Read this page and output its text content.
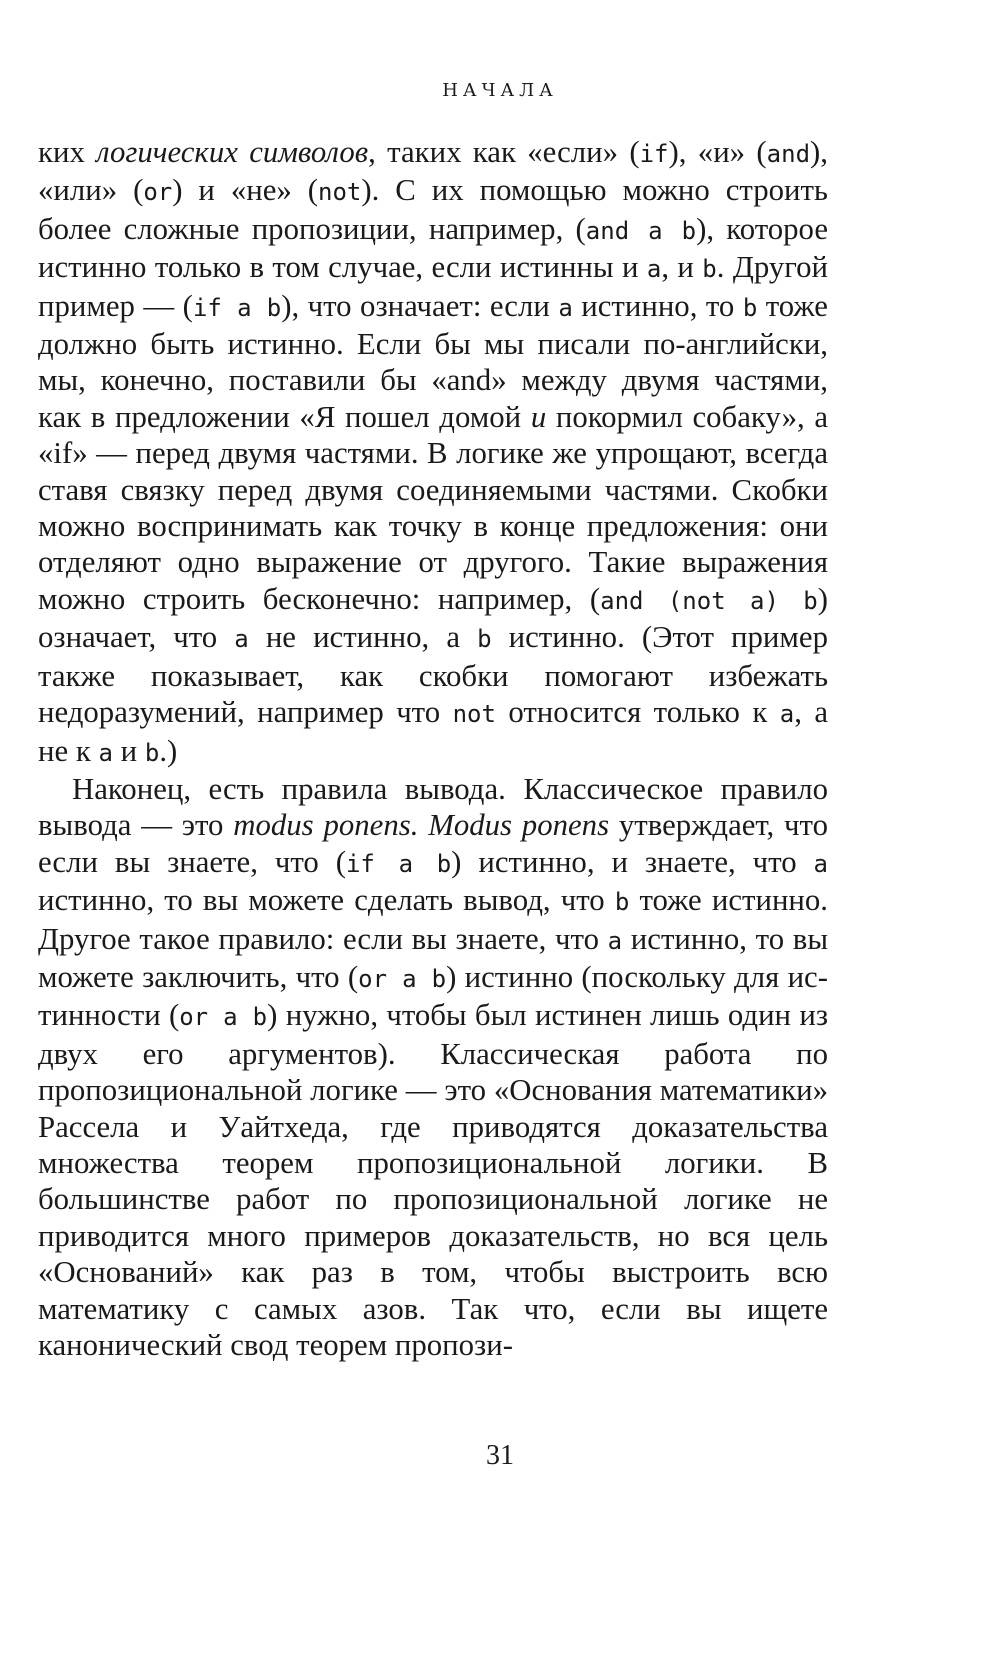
НАЧАЛА

ких логических символов, таких как «если» (if), «и» (and), «или» (or) и «не» (not). С их помощью можно строить более сложные пропозиции, например, (and a b), которое истинно только в том случае, если истинны и a, и b. Другой пример — (if a b), что означает: если a истинно, то b тоже должно быть истинно. Если бы мы писали по-английски, мы, конечно, поставили бы «and» между двумя частями, как в предложении «Я пошел домой и покормил собаку», а «if» — перед двумя частями. В логике же упрощают, всегда ставя связку перед двумя соединяемыми частями. Скобки можно воспринимать как точку в конце предложения: они отделяют одно выражение от другого. Такие выражения можно строить бесконечно: например, (and (not a) b) означает, что a не истинно, а b истинно. (Этот пример также показывает, как скобки помогают избежать недоразумений, например что not относится только к a, а не к a и b.)

Наконец, есть правила вывода. Классическое правило вывода — это modus ponens. Modus ponens утверждает, что если вы знаете, что (if a b) истинно, и знаете, что a истинно, то вы можете сделать вывод, что b тоже истинно. Другое такое правило: если вы знаете, что a истинно, то вы можете заключить, что (or a b) истинно (поскольку для истинности (or a b) нужно, чтобы был истинен лишь один из двух его аргументов). Классическая работа по пропозициональной логике — это «Основания математики» Рассела и Уайтхеда, где приводятся доказательства множества теорем пропозициональной логики. В большинстве работ по пропозициональной логике не приводится много примеров доказательств, но вся цель «Оснований» как раз в том, чтобы выстроить всю математику с самых азов. Так что, если вы ищете канонический свод теорем пропози-

31
